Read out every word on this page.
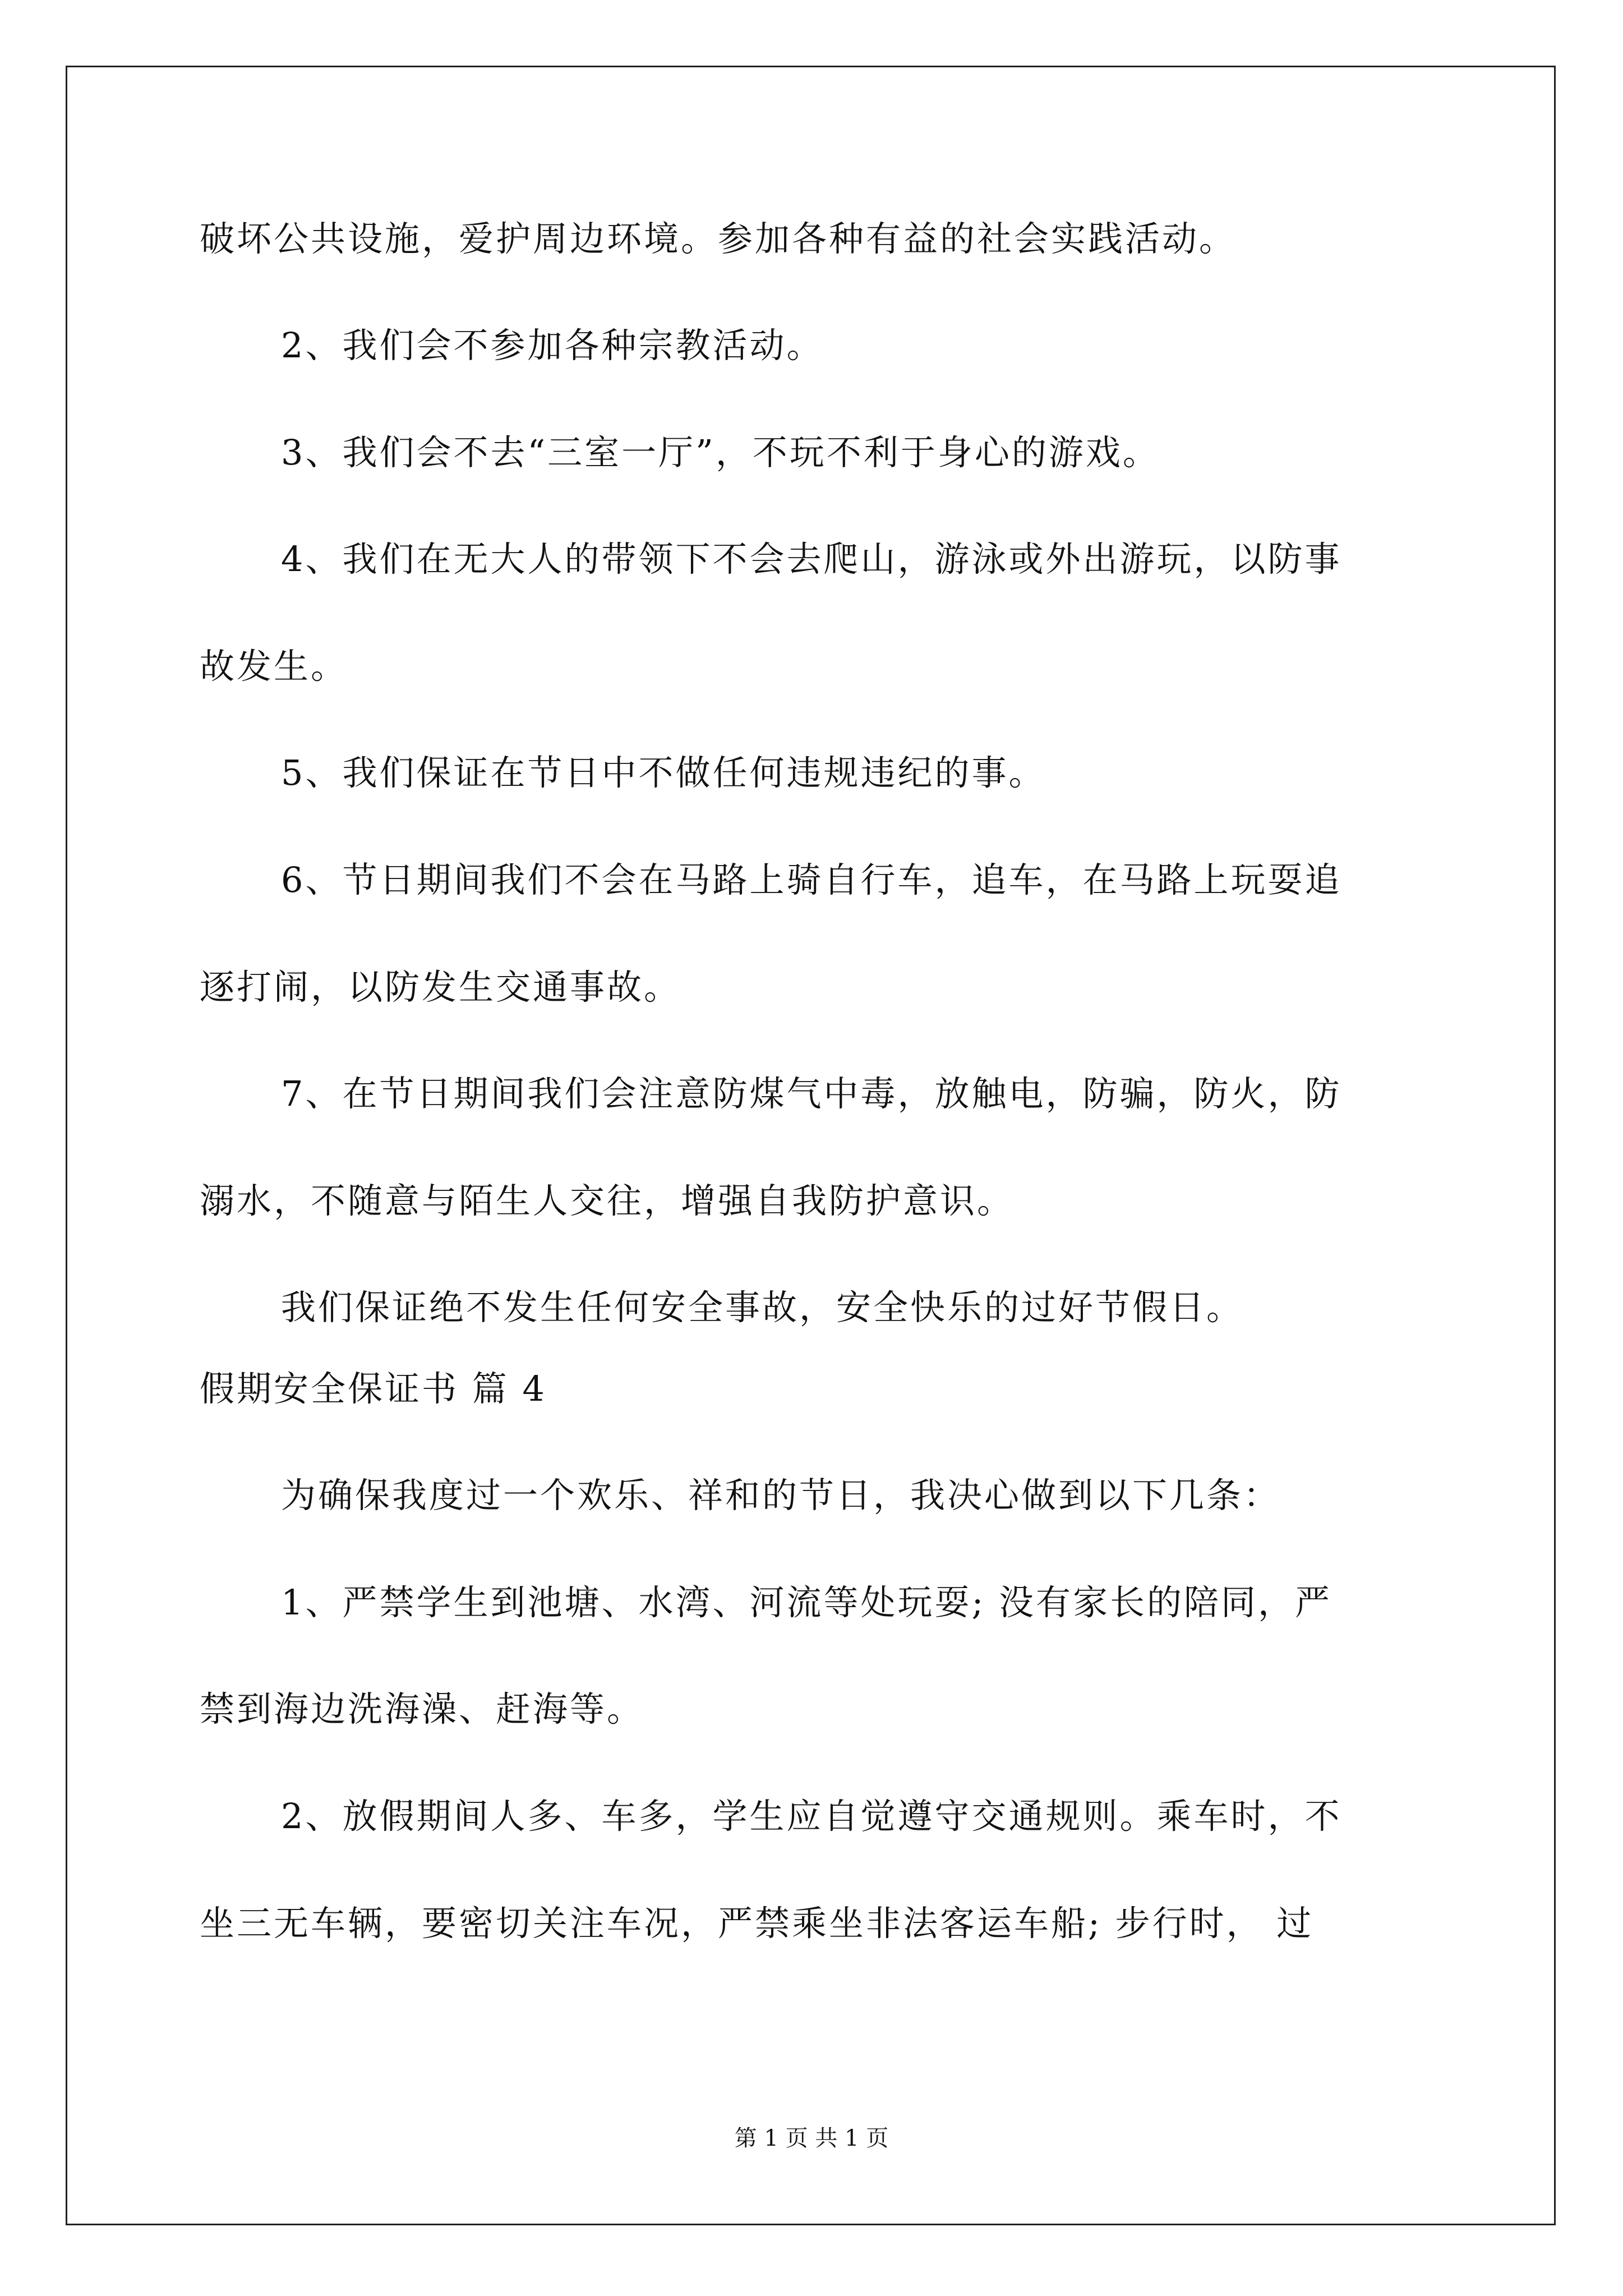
破坏公共设施，爱护周边环境。参加各种有益的社会实践活动。
2、我们会不参加各种宗教活动。
3、我们会不去“三室一厅”，不玩不利于身心的游戏。
4、我们在无大人的带领下不会去爬山，游泳或外出游玩，以防事
故发生。
5、我们保证在节日中不做任何违规违纪的事。
6、节日期间我们不会在马路上骑自行车，追车，在马路上玩耍追
逐打闹，以防发生交通事故。
7、在节日期间我们会注意防煤气中毒，放触电，防骗，防火，防
溺水，不随意与陌生人交往，增强自我防护意识。
我们保证绝不发生任何安全事故，安全快乐的过好节假日。
假期安全保证书 篇 4
为确保我度过一个欢乐、祥和的节日，我决心做到以下几条：
1、严禁学生到池塘、水湾、河流等处玩耍; 没有家长的陪同，严
禁到海边洗海澡、赶海等。
2、放假期间人多、车多，学生应自觉遵守交通规则。乘车时，不
坐三无车辆，要密切关注车况，严禁乘坐非法客运车船; 步行时， 过
第 1 页 共 1 页
